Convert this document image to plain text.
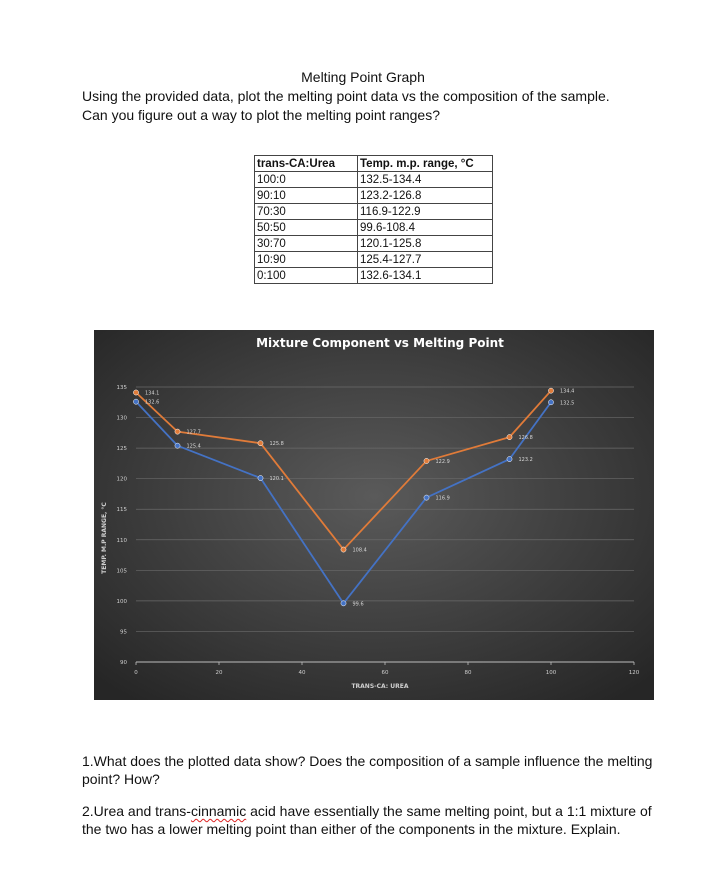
Melting Point Graph

Using the provided data, plot the melting point data vs the composition of the sample.

Can you figure out a way to plot the melting point ranges?

trans-CA:Urea	Temp. m.p. range, °C
100:0	132.5-134.4
90:10	123.2-126.8
70:30	116.9-122.9
50:50	99.6-108.4
30:70	120.1-125.8
10:90	125.4-127.7
0:100	132.6-134.1
90
95
100
105
110
115
120
125
130
135
0	20	40	60	80	100	120
134.1
127.7
125.8
108.4
122.9
126.8
134.4
132.6
125.4
120.1
99.6
116.9
123.2
132.5
Mixture Component vs Melting Point
TEMP. M.P RANGE, °C
TRANS-CA: UREA

1.What does the plotted data show? Does the composition of a sample influence the melting point? How?

2.Urea and trans-cinnamic acid have essentially the same melting point, but a 1:1 mixture of the two has a lower melting point than either of the components in the mixture. Explain.
